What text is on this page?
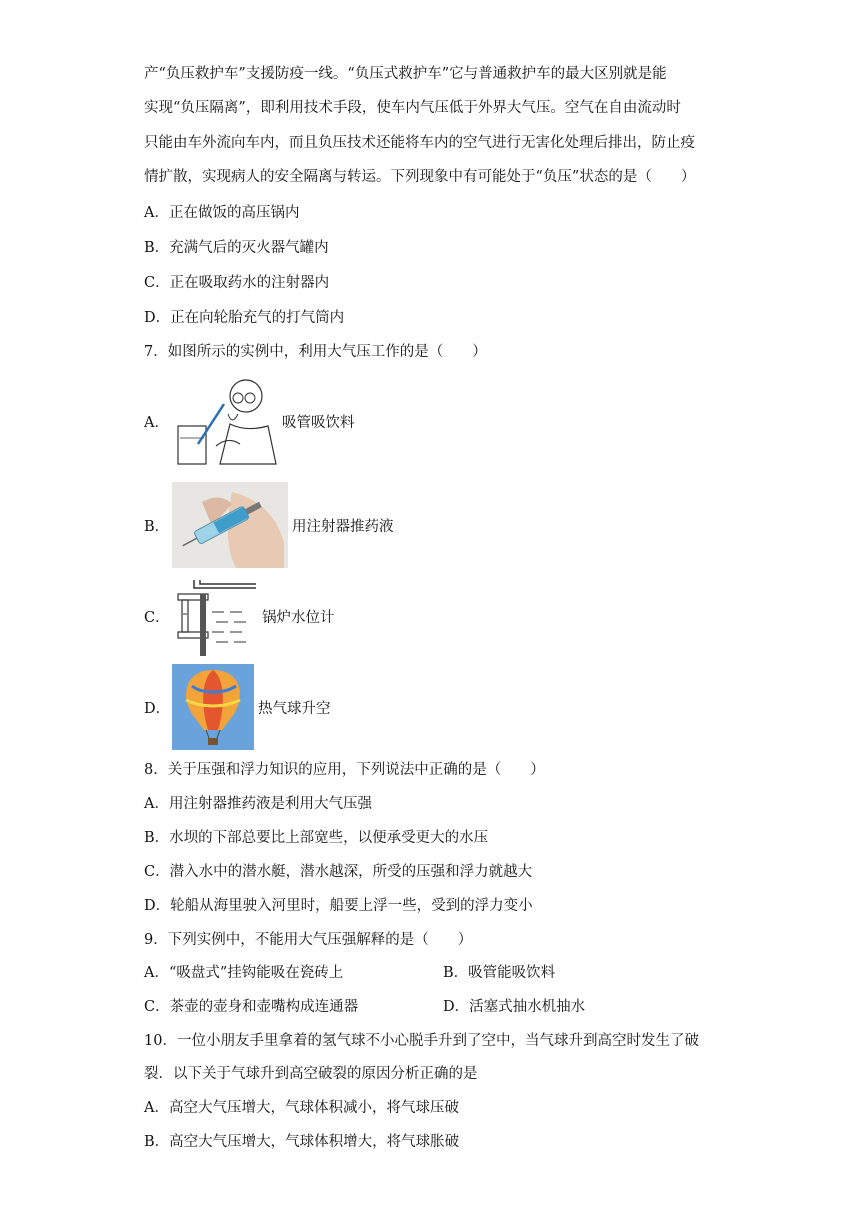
产“负压救护车”支援防疫一线。“负压式救护车”它与普通救护车的最大区别就是能
实现“负压隔离”，即利用技术手段，使车内气压低于外界大气压。空气在自由流动时
只能由车外流向车内，而且负压技术还能将车内的空气进行无害化处理后排出，防止疫
情扩散，实现病人的安全隔离与转运。下列现象中有可能处于“负压”状态的是（　　）
A．正在做饭的高压锅内
B．充满气后的灭火器气罐内
C．正在吸取药水的注射器内
D．正在向轮胎充气的打气筒内
7．如图所示的实例中，利用大气压工作的是（　　）
A．	吸管吸饮料
B．	用注射器推药液
C．	锅炉水位计
D．	热气球升空
8．关于压强和浮力知识的应用，下列说法中正确的是（　　）
A．用注射器推药液是利用大气压强
B．水坝的下部总要比上部宽些，以便承受更大的水压
C．潜入水中的潜水艇，潜水越深，所受的压强和浮力就越大
D．轮船从海里驶入河里时，船要上浮一些，受到的浮力变小
9．下列实例中，不能用大气压强解释的是（　　）
A．“吸盘式”挂钩能吸在瓷砖上	B．吸管能吸饮料
C．茶壶的壶身和壶嘴构成连通器	D．活塞式抽水机抽水
10．一位小朋友手里拿着的氢气球不小心脱手升到了空中，当气球升到高空时发生了破
裂．以下关于气球升到高空破裂的原因分析正确的是
A．高空大气压增大，气球体积减小，将气球压破
B．高空大气压增大，气球体积增大，将气球胀破
